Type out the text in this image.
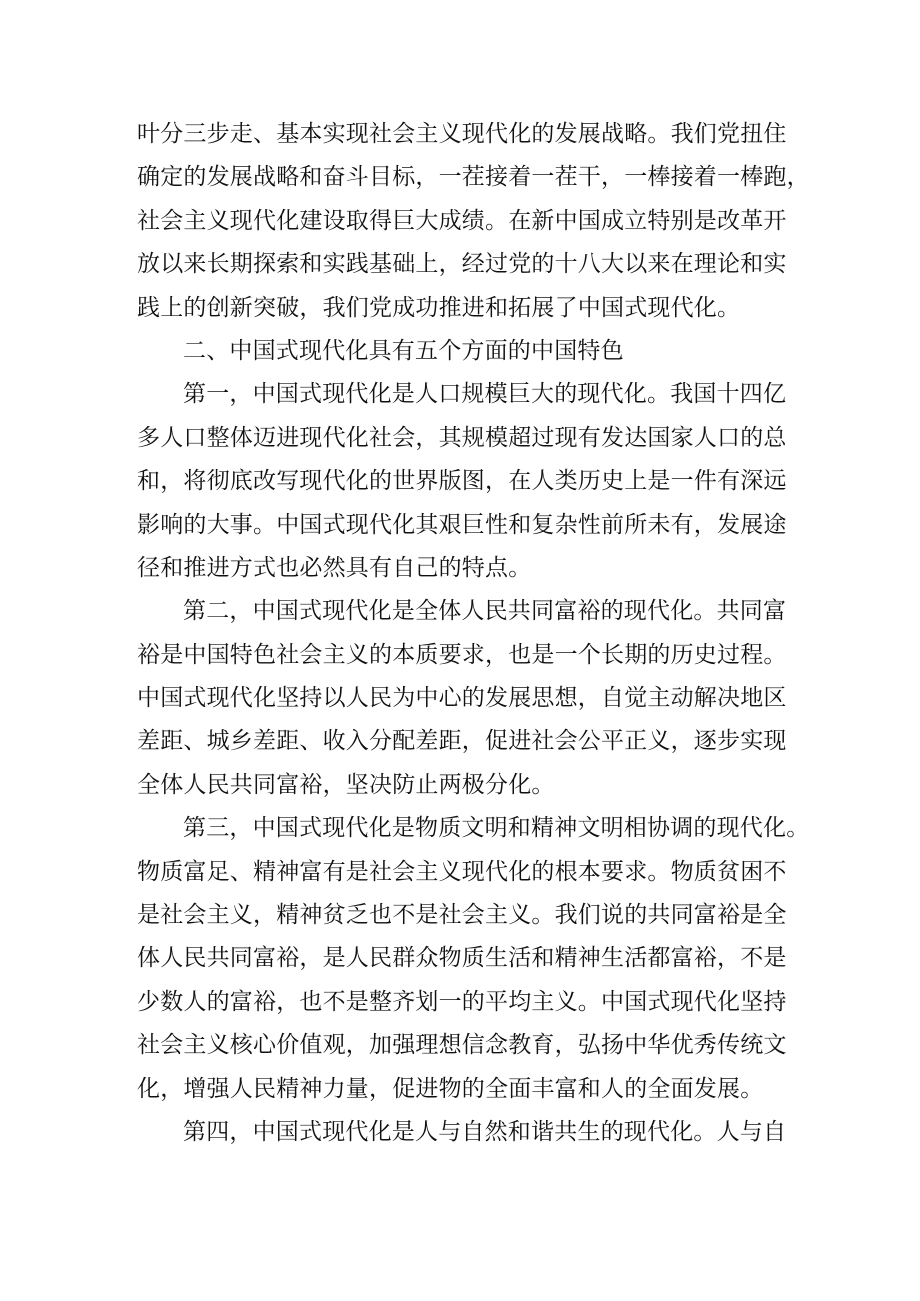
叶分三步走、基本实现社会主义现代化的发展战略。我们党扭住
确定的发展战略和奋斗目标，一茬接着一茬干，一棒接着一棒跑，
社会主义现代化建设取得巨大成绩。在新中国成立特别是改革开
放以来长期探索和实践基础上，经过党的十八大以来在理论和实
践上的创新突破，我们党成功推进和拓展了中国式现代化。
二、中国式现代化具有五个方面的中国特色
第一，中国式现代化是人口规模巨大的现代化。我国十四亿
多人口整体迈进现代化社会，其规模超过现有发达国家人口的总
和，将彻底改写现代化的世界版图，在人类历史上是一件有深远
影响的大事。中国式现代化其艰巨性和复杂性前所未有，发展途
径和推进方式也必然具有自己的特点。
第二，中国式现代化是全体人民共同富裕的现代化。共同富
裕是中国特色社会主义的本质要求，也是一个长期的历史过程。
中国式现代化坚持以人民为中心的发展思想，自觉主动解决地区
差距、城乡差距、收入分配差距，促进社会公平正义，逐步实现
全体人民共同富裕，坚决防止两极分化。
第三，中国式现代化是物质文明和精神文明相协调的现代化。
物质富足、精神富有是社会主义现代化的根本要求。物质贫困不
是社会主义，精神贫乏也不是社会主义。我们说的共同富裕是全
体人民共同富裕，是人民群众物质生活和精神生活都富裕，不是
少数人的富裕，也不是整齐划一的平均主义。中国式现代化坚持
社会主义核心价值观，加强理想信念教育，弘扬中华优秀传统文
化，增强人民精神力量，促进物的全面丰富和人的全面发展。
第四，中国式现代化是人与自然和谐共生的现代化。人与自
